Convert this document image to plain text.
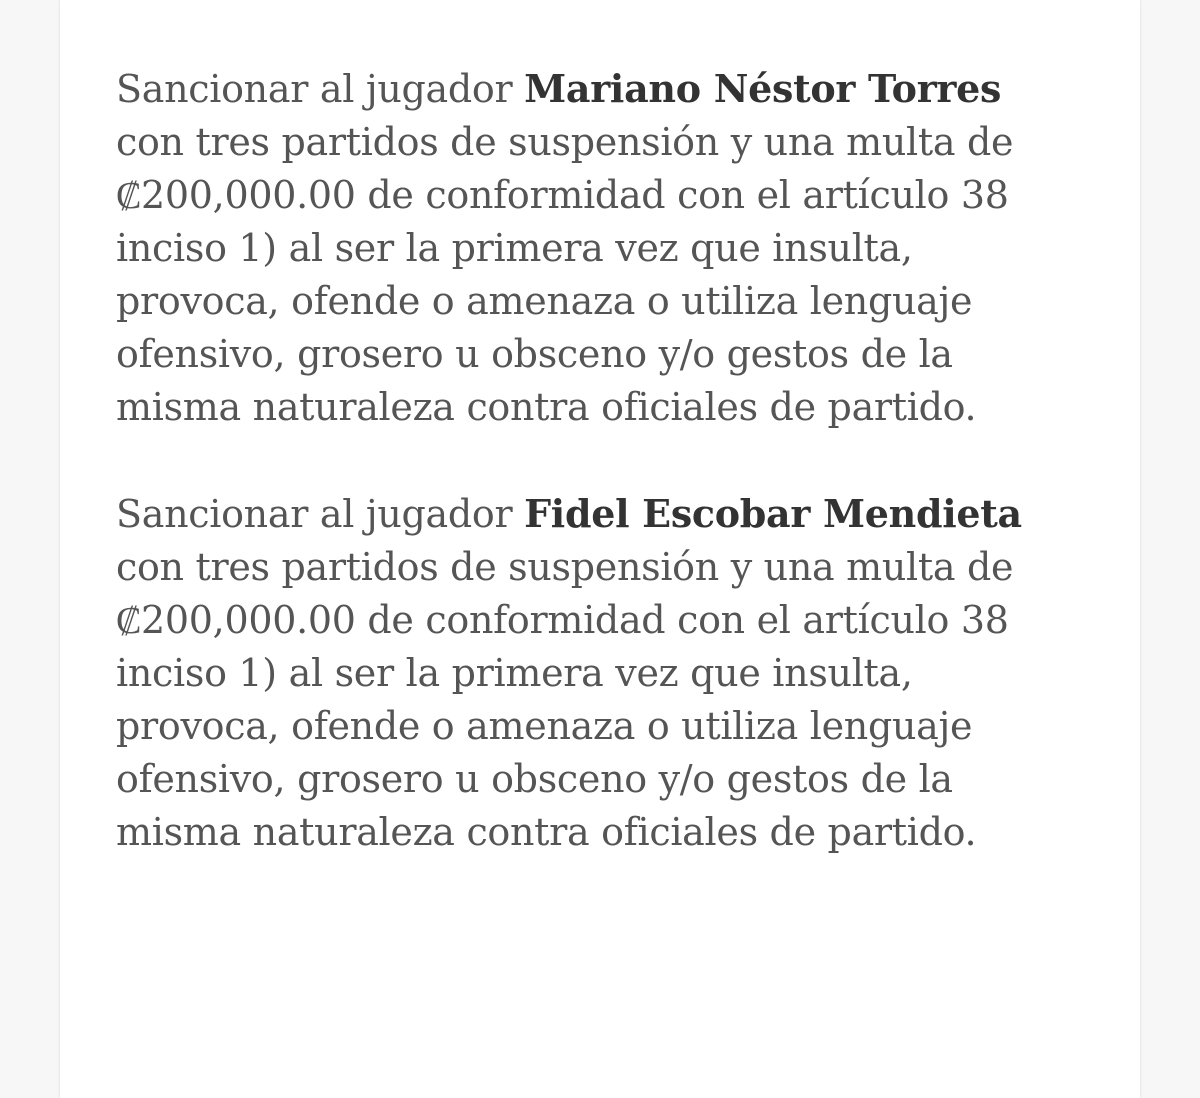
Sancionar al jugador Mariano Néstor Torres
con tres partidos de suspensión y una multa de
₡200,000.00 de conformidad con el artículo 38
inciso 1) al ser la primera vez que insulta,
provoca, ofende o amenaza o utiliza lenguaje
ofensivo, grosero u obsceno y/o gestos de la
misma naturaleza contra oficiales de partido.

Sancionar al jugador Fidel Escobar Mendieta
con tres partidos de suspensión y una multa de
₡200,000.00 de conformidad con el artículo 38
inciso 1) al ser la primera vez que insulta,
provoca, ofende o amenaza o utiliza lenguaje
ofensivo, grosero u obsceno y/o gestos de la
misma naturaleza contra oficiales de partido.
